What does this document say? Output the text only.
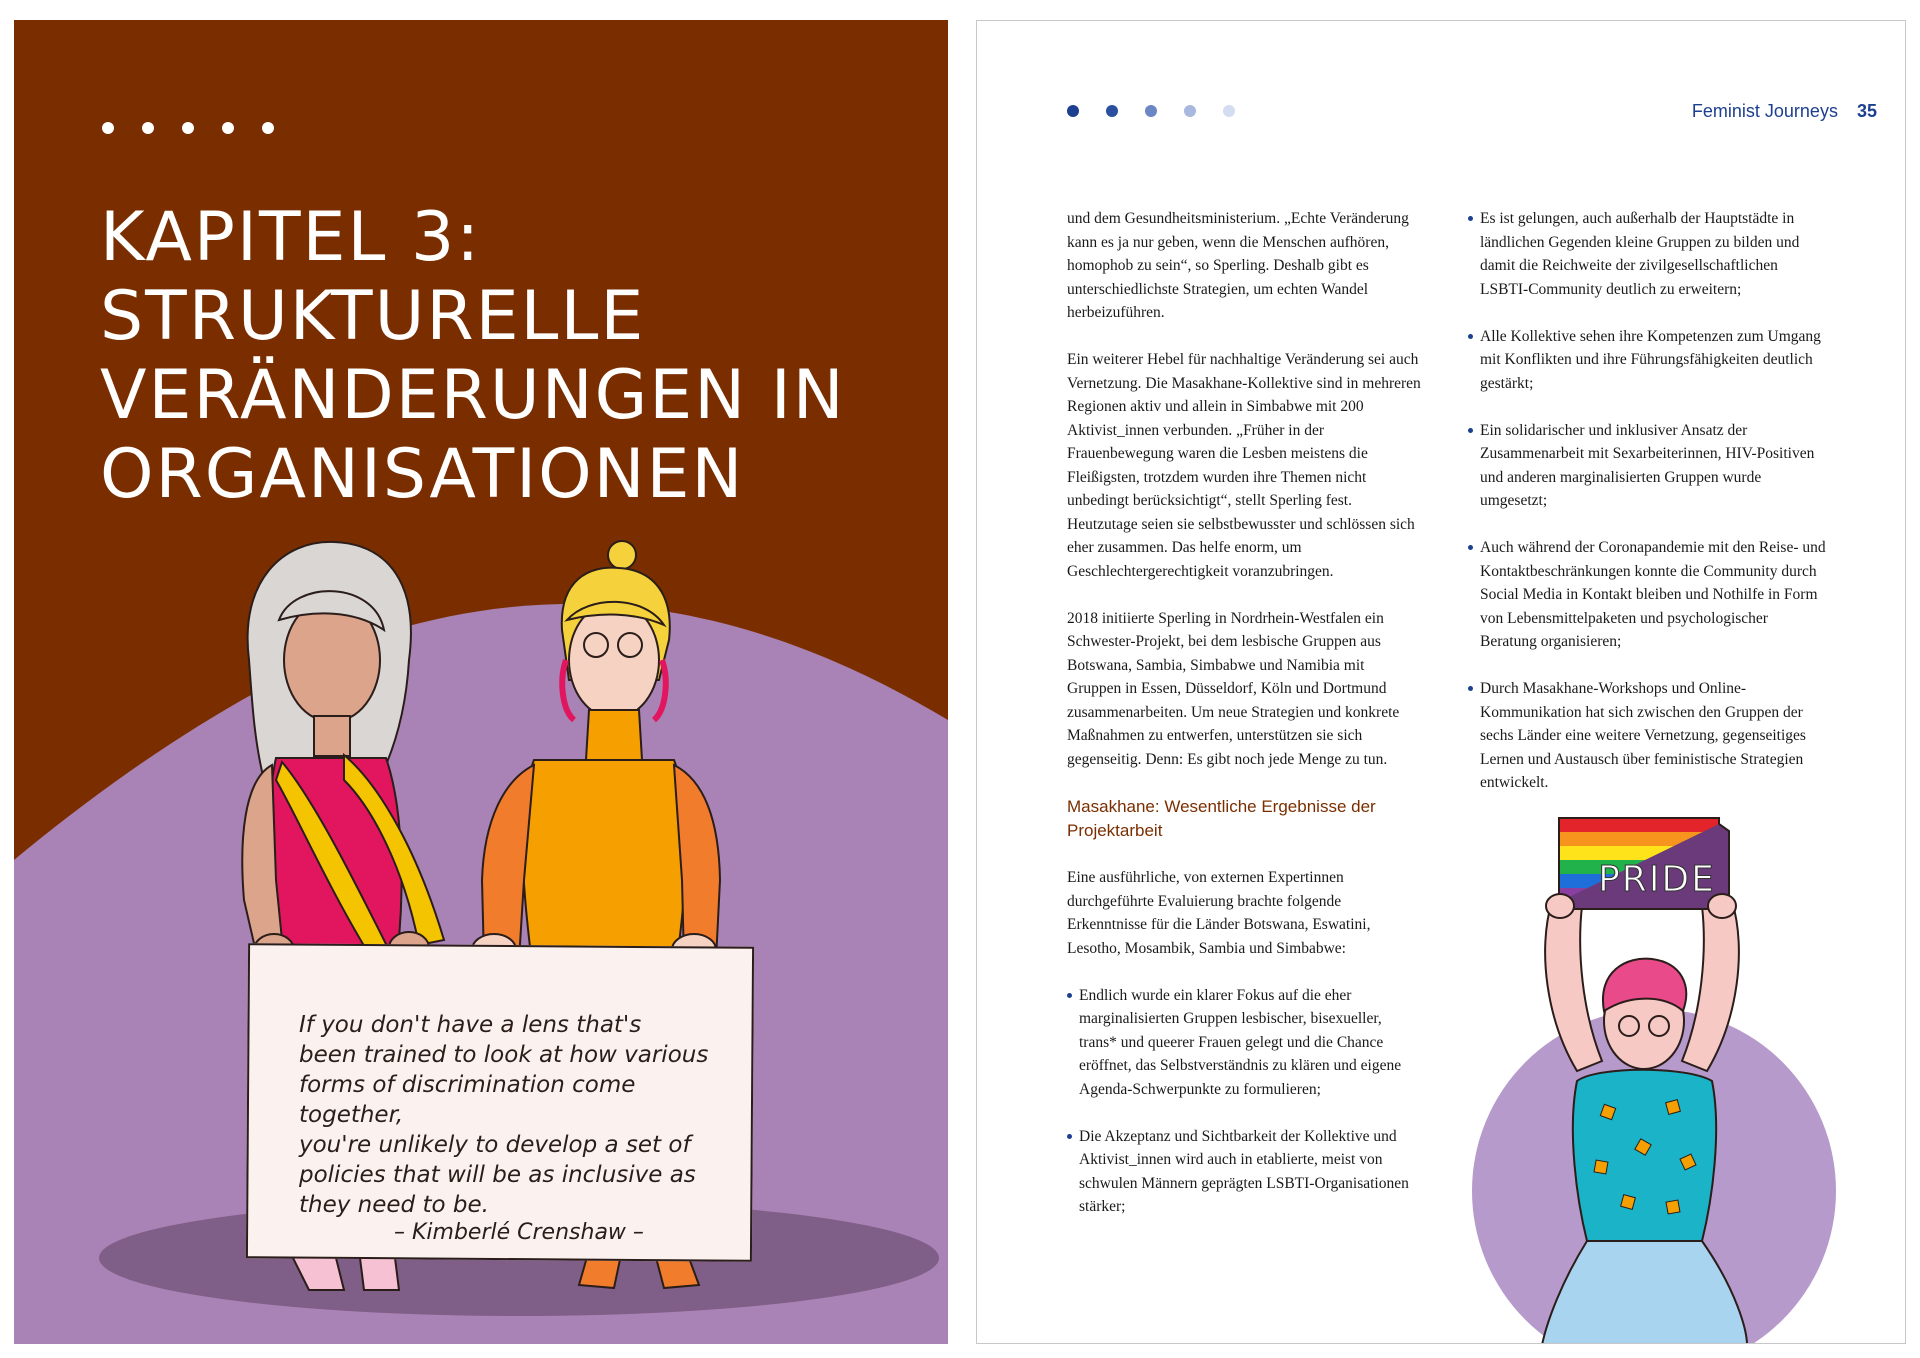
KAPITEL 3:
STRUKTURELLE
VERÄNDERUNGEN IN
ORGANISATIONEN

If you don't have a lens that's
been trained to look at how various
forms of discrimination come together,
you're unlikely to develop a set of
policies that will be as inclusive as
they need to be.

– Kimberlé Crenshaw –
Feminist Journeys 35

und dem Gesundheitsministerium. „Echte Veränderung kann es ja nur geben, wenn die Menschen aufhören, homophob zu sein“, so Sperling. Deshalb gibt es unterschiedlichste Strategien, um echten Wandel herbeizuführen.

Ein weiterer Hebel für nachhaltige Veränderung sei auch Vernetzung. Die Masakhane-Kollektive sind in mehreren Regionen aktiv und allein in Simbabwe mit 200 Aktivist_innen verbunden. „Früher in der Frauenbewegung waren die Lesben meistens die Fleißigsten, trotzdem wurden ihre Themen nicht unbedingt berücksichtigt“, stellt Sperling fest. Heutzutage seien sie selbstbewusster und schlössen sich eher zusammen. Das helfe enorm, um Geschlechtergerechtigkeit voranzubringen.

2018 initiierte Sperling in Nordrhein-Westfalen ein Schwester-Projekt, bei dem lesbische Gruppen aus Botswana, Sambia, Simbabwe und Namibia mit Gruppen in Essen, Düsseldorf, Köln und Dortmund zusammenarbeiten. Um neue Strategien und konkrete Maßnahmen zu entwerfen, unterstützen sie sich gegenseitig. Denn: Es gibt noch jede Menge zu tun.

Masakhane: Wesentliche Ergebnisse der Projektarbeit

Eine ausführliche, von externen Expertinnen durchgeführte Evaluierung brachte folgende Erkenntnisse für die Länder Botswana, Eswatini, Lesotho, Mosambik, Sambia und Simbabwe:

Endlich wurde ein klarer Fokus auf die eher marginalisierten Gruppen lesbischer, bisexueller, trans* und queerer Frauen gelegt und die Chance eröffnet, das Selbstverständnis zu klären und eigene Agenda-Schwerpunkte zu formulieren;
Die Akzeptanz und Sichtbarkeit der Kollektive und Aktivist_innen wird auch in etablierte, meist von schwulen Männern geprägten LSBTI-Organisationen stärker;
Es ist gelungen, auch außerhalb der Hauptstädte in ländlichen Gegenden kleine Gruppen zu bilden und damit die Reichweite der zivilgesellschaftlichen LSBTI-Community deutlich zu erweitern;
Alle Kollektive sehen ihre Kompetenzen zum Umgang mit Konflikten und ihre Führungsfähigkeiten deutlich gestärkt;
Ein solidarischer und inklusiver Ansatz der Zusammenarbeit mit Sexarbeiterinnen, HIV-Positiven und anderen marginalisierten Gruppen wurde umgesetzt;
Auch während der Coronapandemie mit den Reise- und Kontaktbeschränkungen konnte die Community durch Social Media in Kontakt bleiben und Nothilfe in Form von Lebensmittelpaketen und psychologischer Beratung organisieren;
Durch Masakhane-Workshops und Online-Kommunikation hat sich zwischen den Gruppen der sechs Länder eine weitere Vernetzung, gegenseitiges Lernen und Austausch über feministische Strategien entwickelt.
PRIDE
